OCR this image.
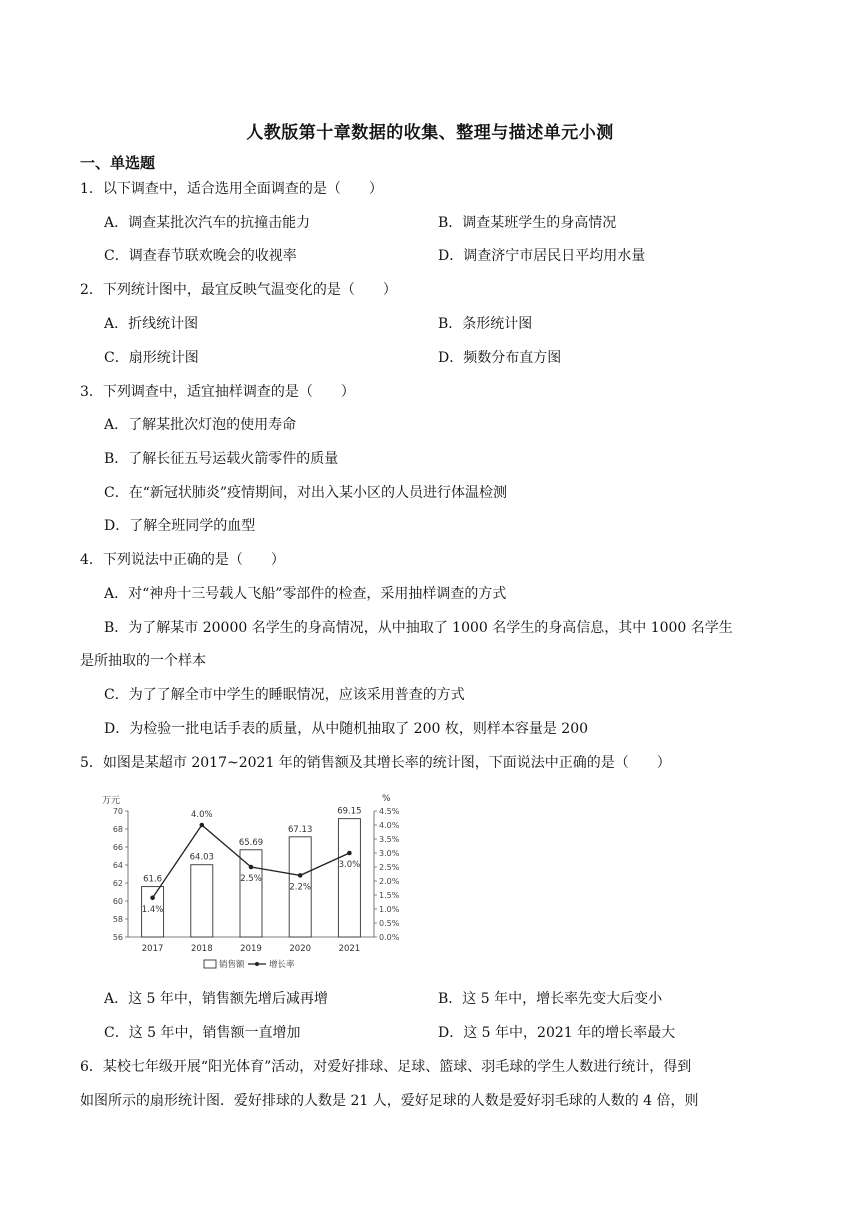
人教版第十章数据的收集、整理与描述单元小测
一、单选题
1．以下调查中，适合选用全面调查的是（　　）
A．调查某批次汽车的抗撞击能力	B．调查某班学生的身高情况
C．调查春节联欢晚会的收视率	D．调查济宁市居民日平均用水量
2．下列统计图中，最宜反映气温变化的是（　　）
A．折线统计图	B．条形统计图
C．扇形统计图	D．频数分布直方图
3．下列调查中，适宜抽样调查的是（　　）
A．了解某批次灯泡的使用寿命
B．了解长征五号运载火箭零件的质量
C．在“新冠状肺炎”疫情期间，对出入某小区的人员进行体温检测
D．了解全班同学的血型
4．下列说法中正确的是（　　）
A．对“神舟十三号载人飞船”零部件的检查，采用抽样调查的方式
B．为了解某市 20000 名学生的身高情况，从中抽取了 1000 名学生的身高信息，其中 1000 名学生
是所抽取的一个样本
C．为了了解全市中学生的睡眠情况，应该采用普查的方式
D．为检验一批电话手表的质量，从中随机抽取了 200 枚，则样本容量是 200
5．如图是某超市 2017~2021 年的销售额及其增长率的统计图，下面说法中正确的是（　　）
万元	%
56
58
60
62
64
66
68
70
0.0%
0.5%
1.0%
1.5%
2.0%
2.5%
3.0%
3.5%
4.0%
4.5%
61.6
2017
64.03
2018
65.69
2019
67.13
2020
69.15
2021
1.4%
4.0%
2.5%
2.2%
3.0%
销售额	增长率
A．这 5 年中，销售额先增后减再增	B．这 5 年中，增长率先变大后变小
C．这 5 年中，销售额一直增加	D．这 5 年中，2021 年的增长率最大
6．某校七年级开展“阳光体育”活动，对爱好排球、足球、篮球、羽毛球的学生人数进行统计，得到
如图所示的扇形统计图．爱好排球的人数是 21 人，爱好足球的人数是爱好羽毛球的人数的 4 倍，则
